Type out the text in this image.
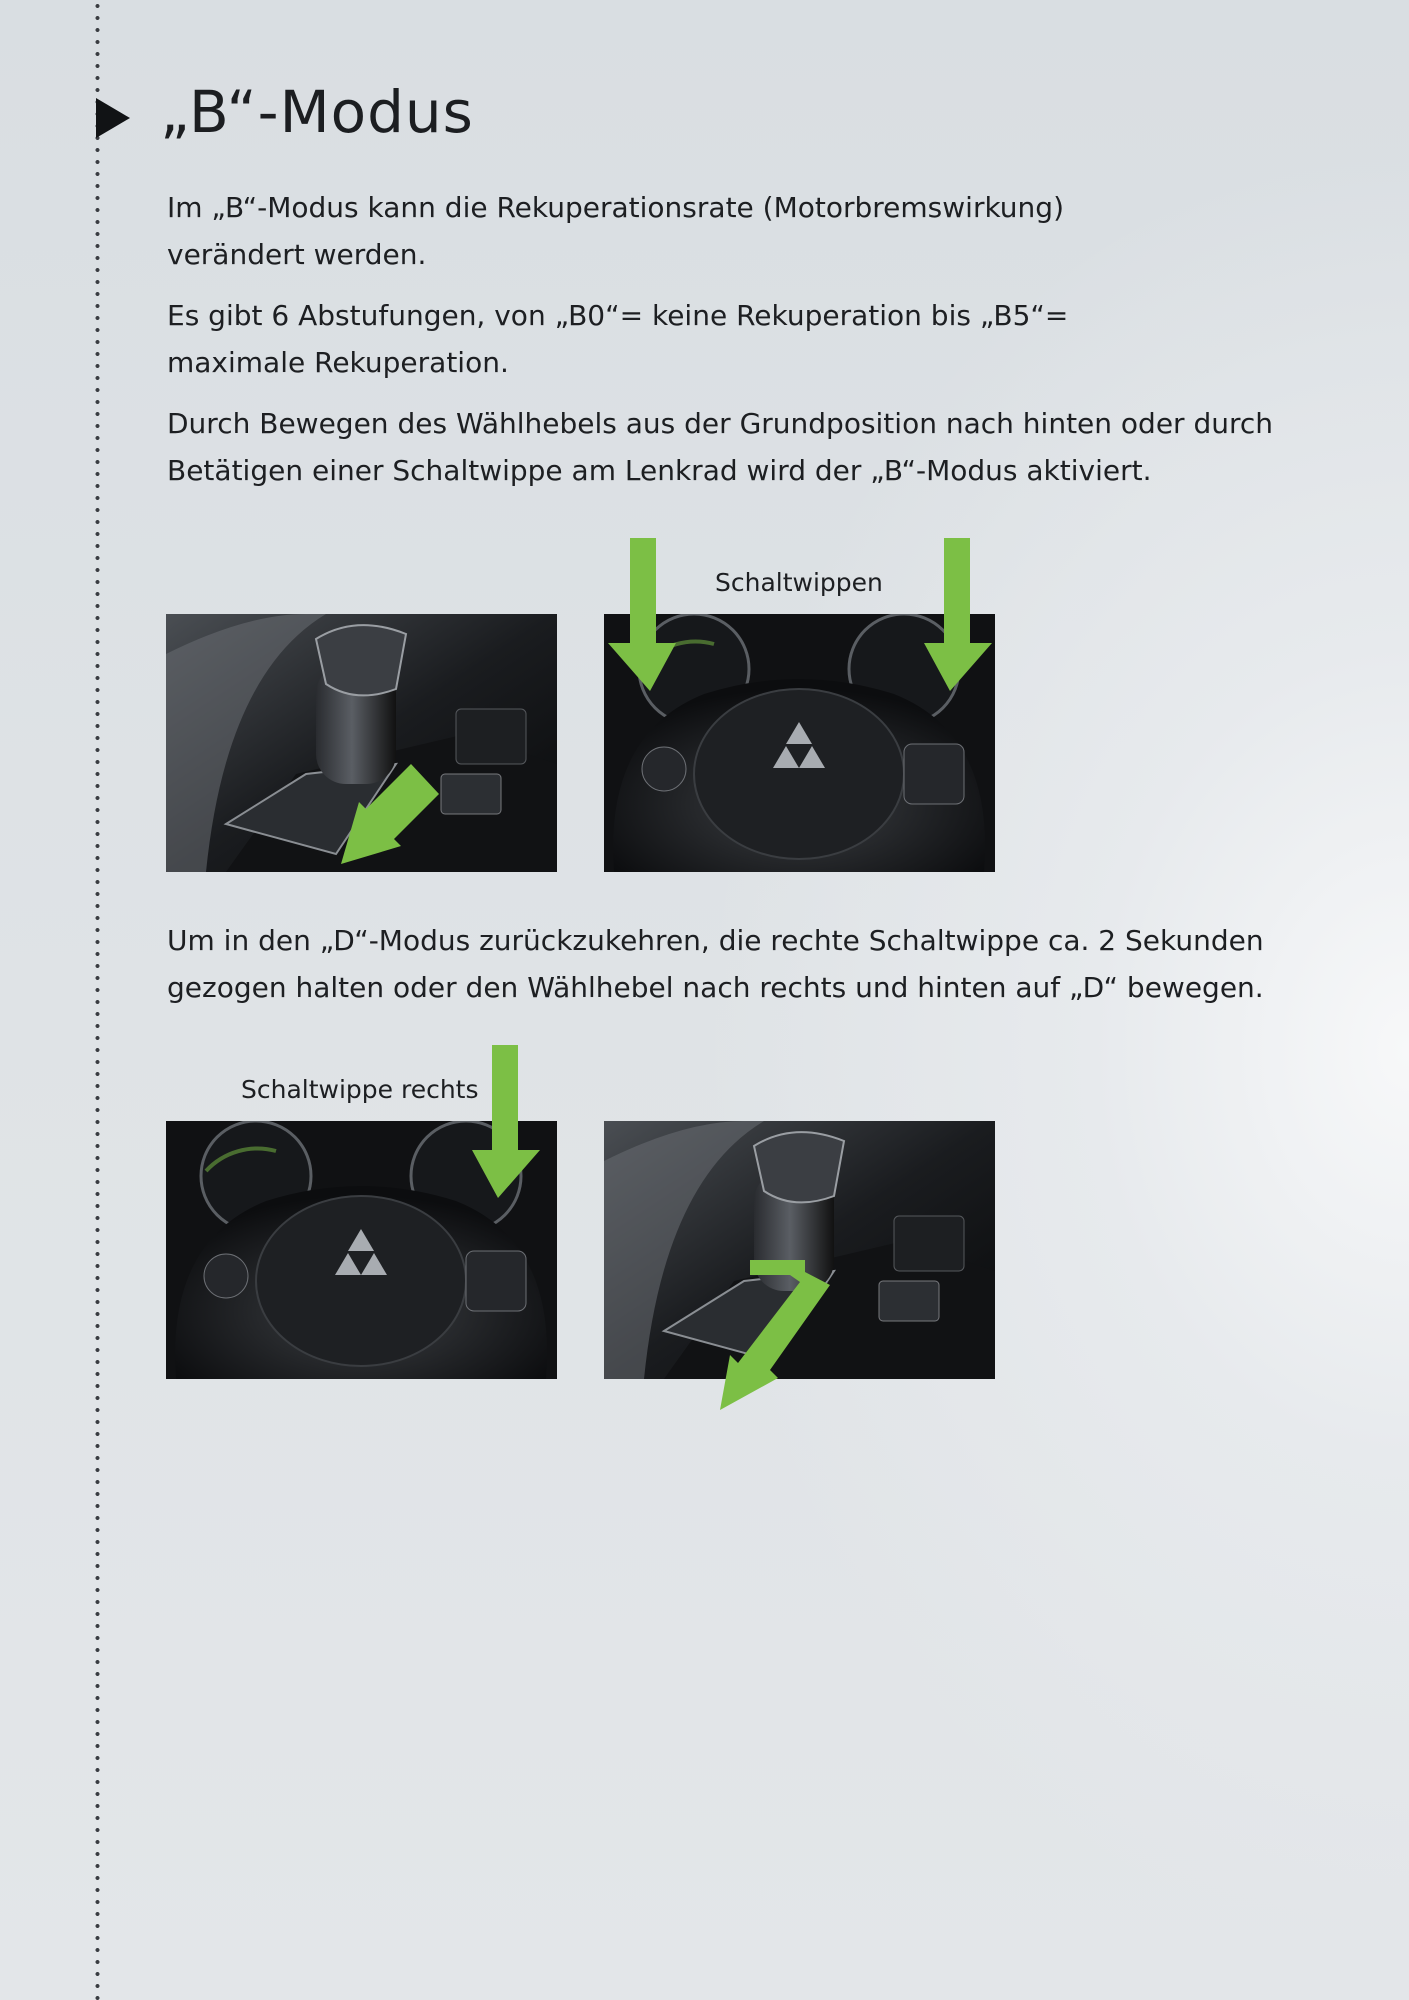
„B“-Modus

Im „B“-Modus kann die Rekuperationsrate (Motorbremswirkung) verändert werden.

Es gibt 6 Abstufungen, von „B0“= keine Rekuperation bis „B5“= maximale Rekuperation.

Durch Bewegen des Wählhebels aus der Grundposition nach hinten oder durch Betätigen einer Schaltwippe am Lenkrad wird der „B“-Modus aktiviert.

Schaltwippen

Um in den „D“-Modus zurückzukehren, die rechte Schaltwippe ca. 2 Sekunden gezogen halten oder den Wählhebel nach rechts und hinten auf „D“ bewegen.

Schaltwippe rechts
